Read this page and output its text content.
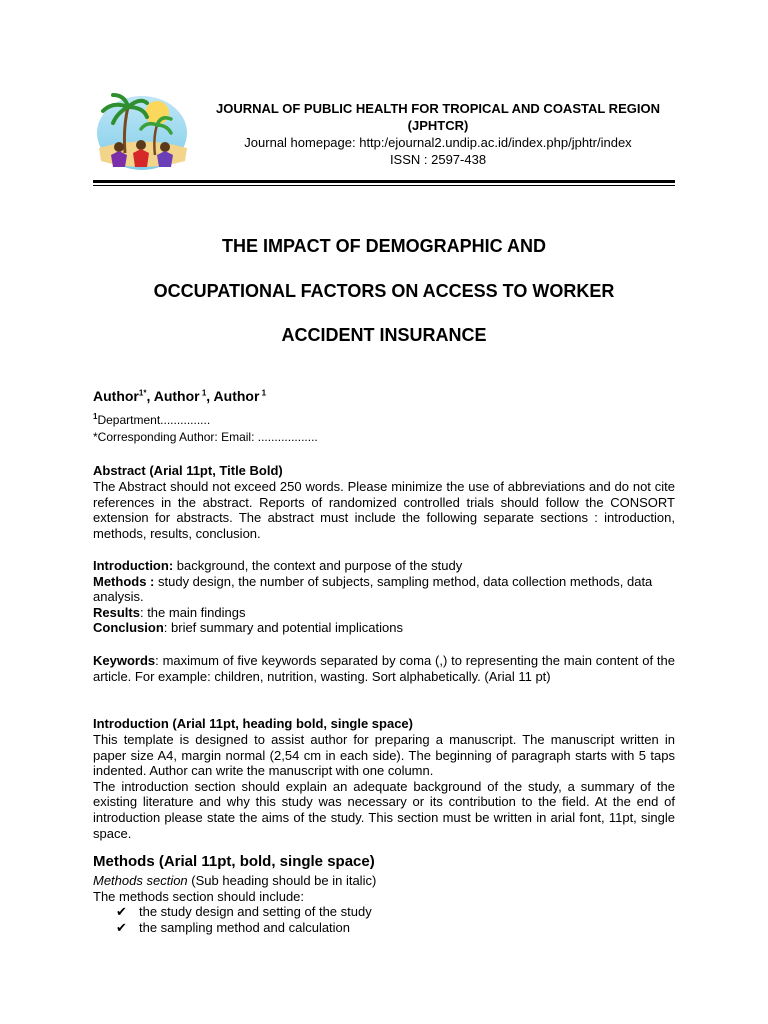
JOURNAL OF PUBLIC HEALTH FOR TROPICAL AND COASTAL REGION
(JPHTCR)
Journal homepage: http:/ejournal2.undip.ac.id/index.php/jphtr/index
ISSN : 2597-438
THE IMPACT OF DEMOGRAPHIC AND
OCCUPATIONAL FACTORS ON ACCESS TO WORKER
ACCIDENT INSURANCE
Author$^{1*}$, Author $^1$, Author $^1$
$^1$Department...............
*Corresponding Author: Email: ..................
Abstract (Arial 11pt, Title Bold)
The Abstract should not exceed 250 words. Please minimize the use of abbreviations and do not cite references in the abstract. Reports of randomized controlled trials should follow the CONSORT extension for abstracts. The abstract must include the following separate sections : introduction, methods, results, conclusion.
Introduction: background, the context and purpose of the study
Methods : study design, the number of subjects, sampling method, data collection methods, data analysis.
Results: the main findings
Conclusion: brief summary and potential implications
Keywords: maximum of five keywords separated by coma (,) to representing the main content of the article. For example: children, nutrition, wasting. Sort alphabetically. (Arial 11 pt)
Introduction (Arial 11pt, heading bold, single space)
This template is designed to assist author for preparing a manuscript. The manuscript written in paper size A4, margin normal (2,54 cm in each side). The beginning of paragraph starts with 5 taps indented. Author can write the manuscript with one column.
The introduction section should explain an adequate background of the study, a summary of the existing literature and why this study was necessary or its contribution to the field. At the end of introduction please state the aims of the study. This section must be written in arial font, 11pt, single space.
Methods (Arial 11pt, bold, single space)
Methods section (Sub heading should be in italic)
The methods section should include:
✔ the study design and setting of the study
✔ the sampling method and calculation
